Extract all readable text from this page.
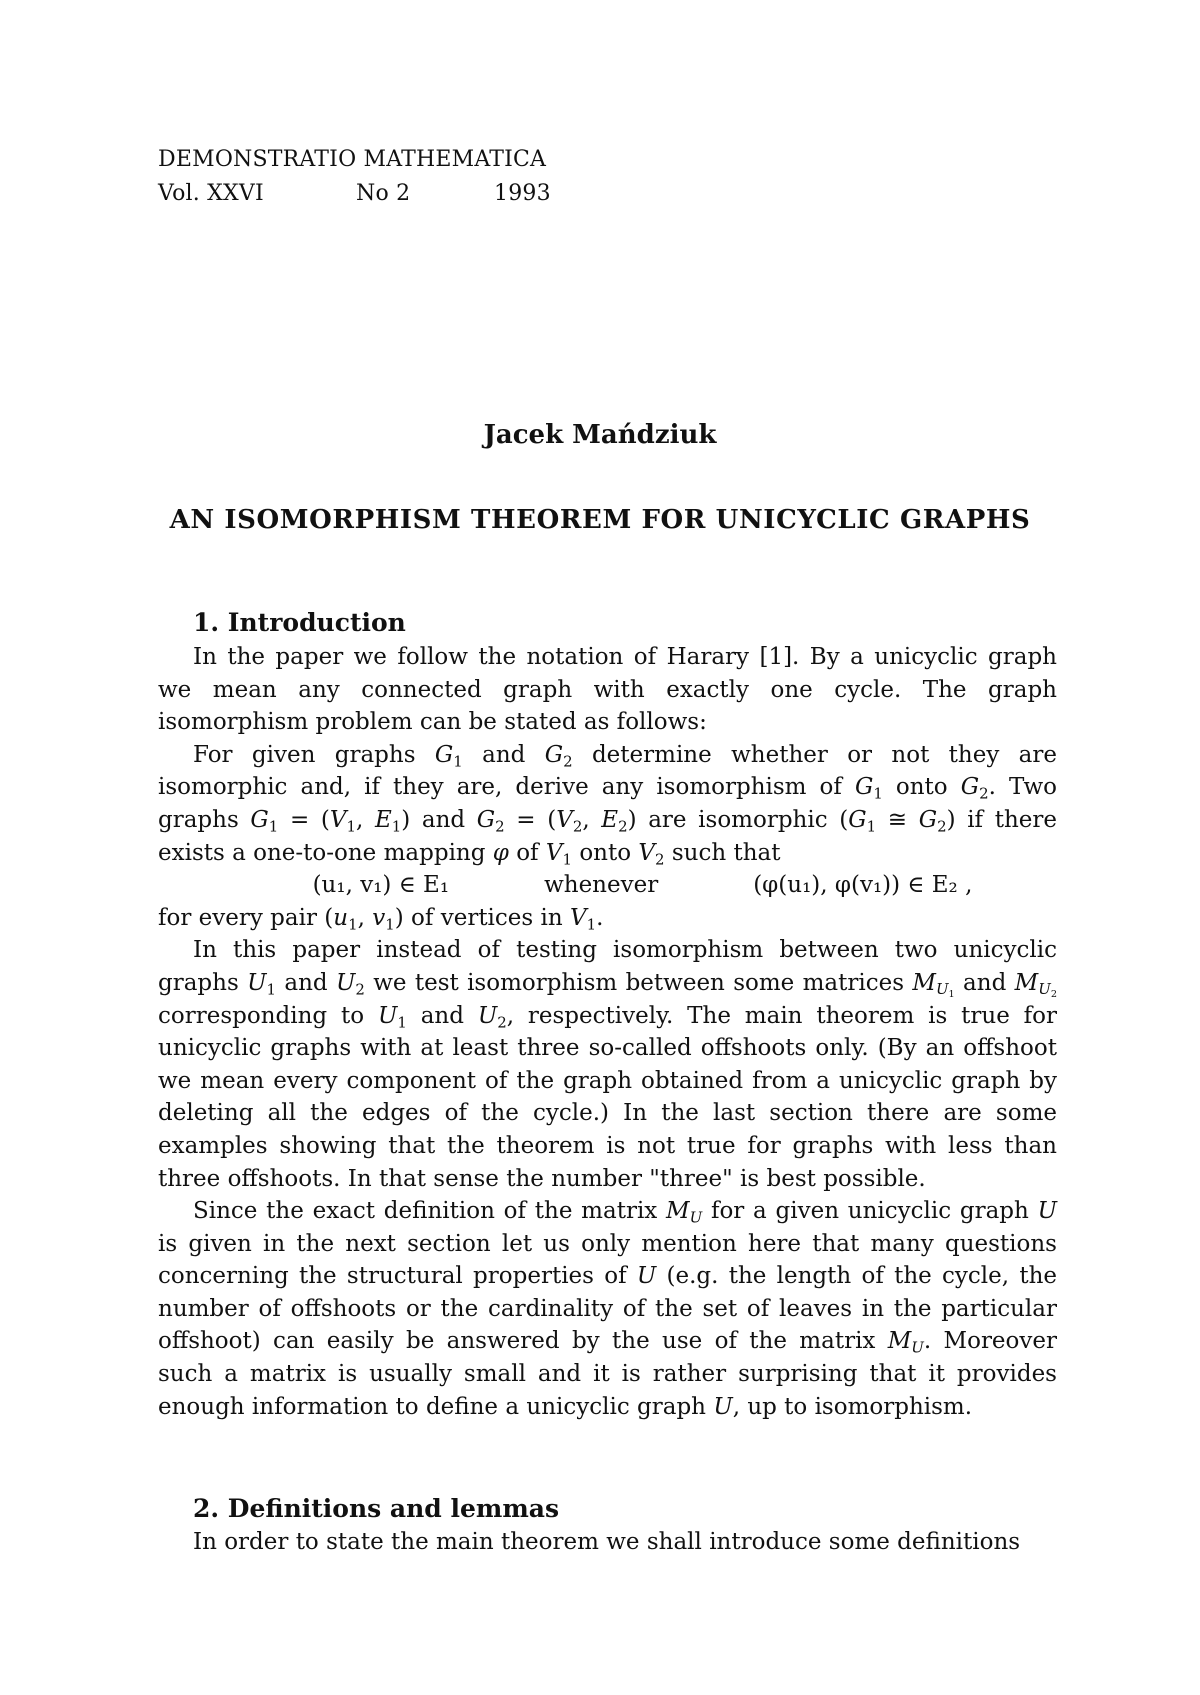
DEMONSTRATIO MATHEMATICA
Vol. XXVI	No 2	1993
Jacek Mańdziuk
AN ISOMORPHISM THEOREM FOR UNICYCLIC GRAPHS
1. Introduction

In the paper we follow the notation of Harary [1]. By a unicyclic graph we mean any connected graph with exactly one cycle. The graph isomorphism problem can be stated as follows:

For given graphs $G_1$ and $G_2$ determine whether or not they are isomorphic and, if they are, derive any isomorphism of $G_1$ onto $G_2$. Two graphs $G_1 = (V_1$, $E_1$) and $G_2 = (V_2$, $E_2$) are isomorphic ($G_1$ ≅ $G_2$) if there exists a one-to-one mapping φ of $V_1$ onto $V_2$ such that

(u₁, v₁) ∈ E₁	whenever	(φ(u₁), φ(v₁)) ∈ E₂ ,

for every pair ($u_1$, $v_1$) of vertices in $V_1$.

In this paper instead of testing isomorphism between two unicyclic graphs $U_1$ and $U_2$ we test isomorphism between some matrices $M_{U_1}$ and $M_{U_2}$ corresponding to $U_1$ and $U_2$, respectively. The main theorem is true for unicyclic graphs with at least three so-called offshoots only. (By an offshoot we mean every component of the graph obtained from a unicyclic graph by deleting all the edges of the cycle.) In the last section there are some examples showing that the theorem is not true for graphs with less than three offshoots. In that sense the number "three" is best possible.

Since the exact definition of the matrix $M_U$ for a given unicyclic graph U is given in the next section let us only mention here that many questions concerning the structural properties of U (e.g. the length of the cycle, the number of offshoots or the cardinality of the set of leaves in the particular offshoot) can easily be answered by the use of the matrix $M_U$. Moreover such a matrix is usually small and it is rather surprising that it provides enough information to define a unicyclic graph U, up to isomorphism.

2. Definitions and lemmas

In order to state the main theorem we shall introduce some definitions
